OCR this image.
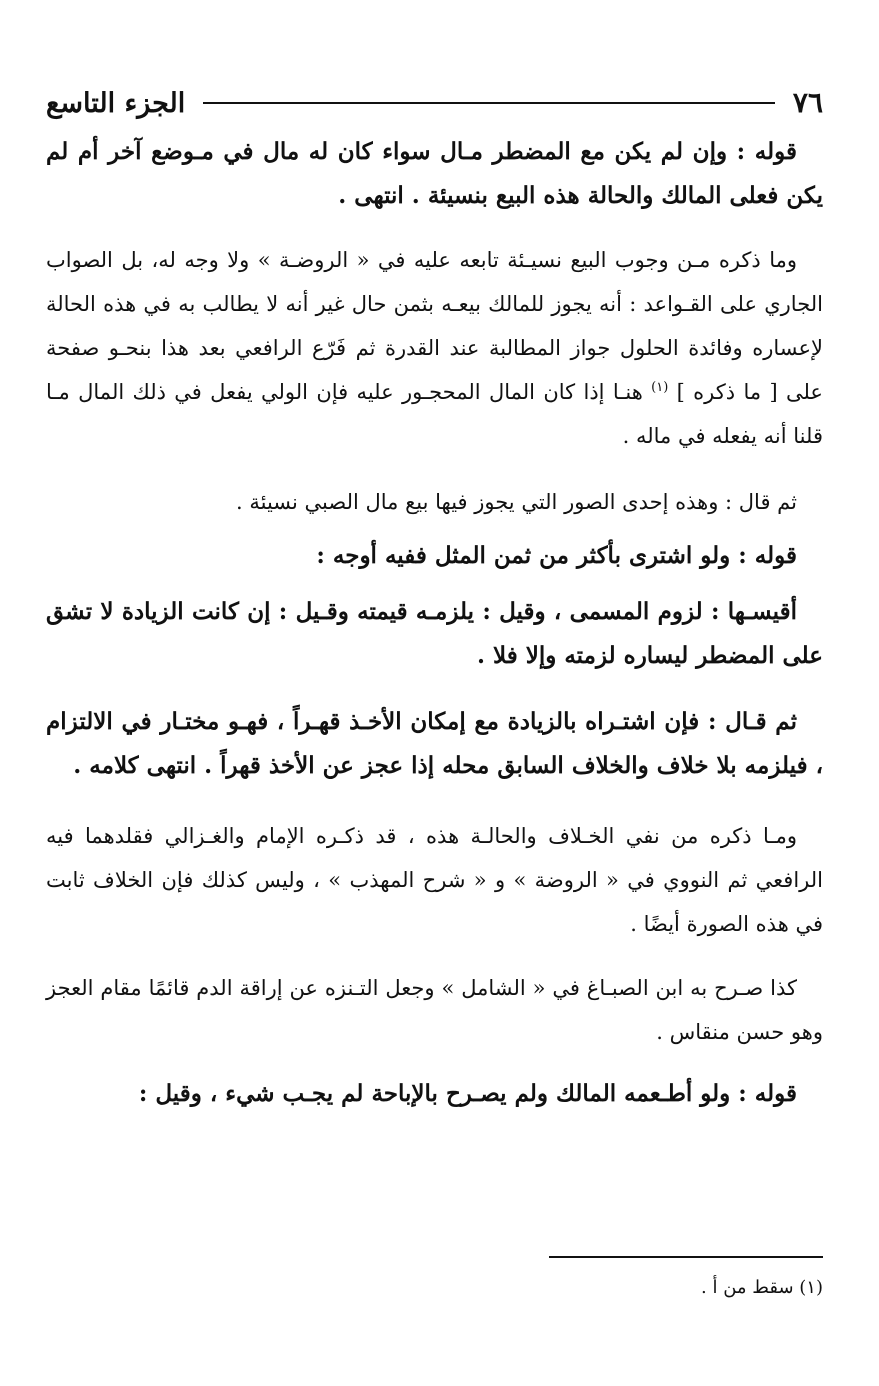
٧٦
الجزء التاسع

قوله : وإن لم يكن مع المضطر مـال سواء كان له مال في مـوضع آخر أم لم يكن فعلى المالك والحالة هذه البيع بنسيئة . انتهى .

وما ذكره مـن وجوب البيع نسيـئة تابعه عليه في « الروضـة » ولا وجه له، بل الصواب الجاري على القـواعد : أنه يجوز للمالك بيعـه بثمن حال غير أنه لا يطالب به في هذه الحالة لإعساره وفائدة الحلول جواز المطالبة عند القدرة ثم فَرّع الرافعي بعد هذا بنحـو صفحة على [ ما ذكره ] $^{(١)}$ هنـا إذا كان المال المحجـور عليه فإن الولي يفعل في ذلك المال مـا قلنا أنه يفعله في ماله .

ثم قال : وهذه إحدى الصور التي يجوز فيها بيع مال الصبي نسيئة .

قوله : ولو اشترى بأكثر من ثمن المثل ففيه أوجه :

أقيسـها : لزوم المسمى ، وقيل : يلزمـه قيمته وقـيل : إن كانت الزيادة لا تشق على المضطر ليساره لزمته وإلا فلا .

ثم قـال : فإن اشتـراه بالزيادة مع إمكان الأخـذ قهـراً ، فهـو مختـار في الالتزام ، فيلزمه بلا خلاف والخلاف السابق محله إذا عجز عن الأخذ قهراً . انتهى كلامه .

ومـا ذكره من نفي الخـلاف والحالـة هذه ، قد ذكـره الإمام والغـزالي فقلدهما فيه الرافعي ثم النووي في « الروضة » و « شرح المهذب » ، وليس كذلك فإن الخلاف ثابت في هذه الصورة أيضًا .

كذا صـرح به ابن الصبـاغ في « الشامل » وجعل التـنزه عن إراقة الدم قائمًا مقام العجز وهو حسن منقاس .

قوله : ولو أطـعمه المالك ولم يصـرح بالإباحة لم يجـب شيء ، وقيل :

(١) سقط من أ .
